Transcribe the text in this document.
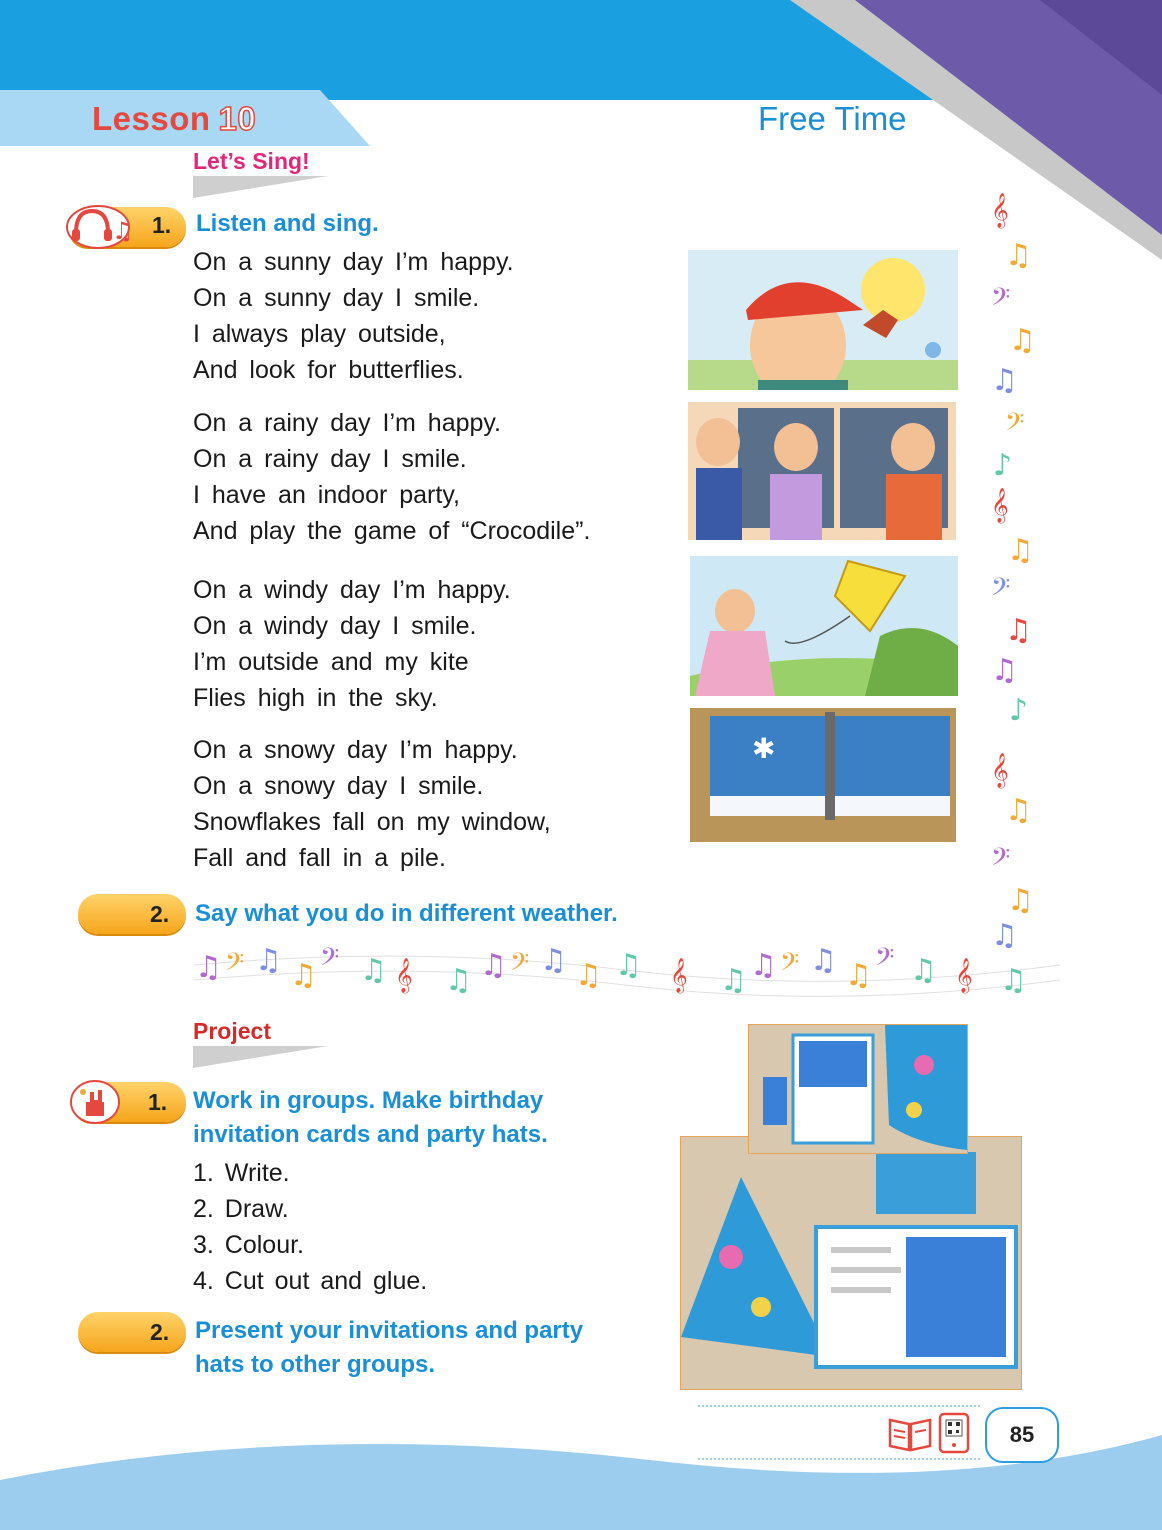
Lesson 10	Free Time
Let’s Sing!
♫ 1. Listen and sing.
On a sunny day I’m happy.
On a sunny day I smile.
I always play outside,
And look for butterflies.
On a rainy day I’m happy.
On a rainy day I smile.
I have an indoor party,
And play the game of “Crocodile”.
On a windy day I’m happy.
On a windy day I smile.
I’m outside and my kite
Flies high in the sky.
On a snowy day I’m happy.
On a snowy day I smile.
Snowflakes fall on my window,
Fall and fall in a pile.
✱
𝄞
♫
𝄢
♫
♫
𝄢
♪
𝄞
♫
𝄢
♫
♫
♪
𝄞
♫
𝄢
♫
♫
♫ 𝄢 ♫ ♫ 𝄢 ♫ 𝄞 ♫ ♫ 𝄢 ♫ ♫ ♫ 𝄞 ♫ ♫ 𝄢 ♫ ♫ 𝄢 ♫ 𝄞 ♫
2. Say what you do in different weather.
Project
1. Work in groups. Make birthday
invitation cards and party hats.
1. Write.
2. Draw.
3. Colour.
4. Cut out and glue.
2. Present your invitations and party
hats to other groups.
85
